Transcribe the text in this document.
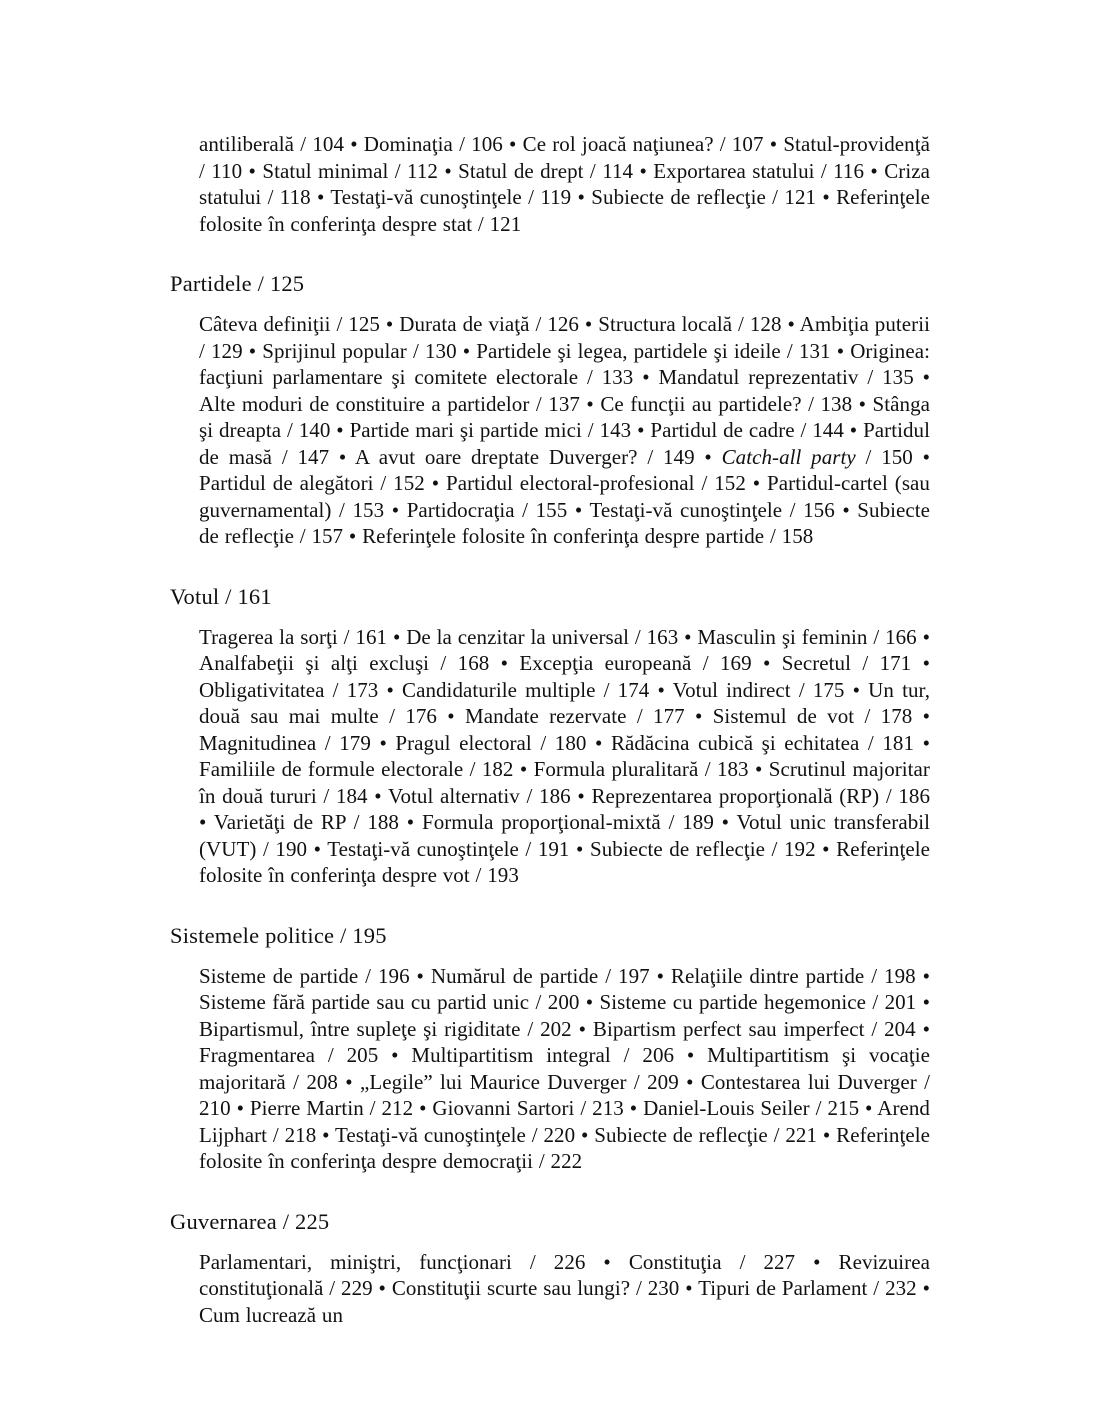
antiliberală / 104 • Dominaţia / 106 • Ce rol joacă naţiunea? / 107 • Statul-providenţă / 110 • Statul minimal / 112 • Statul de drept / 114 • Exportarea statului / 116 • Criza statului / 118 • Testaţi-vă cunoştinţele / 119 • Subiecte de reflecţie / 121 • Referinţele folosite în conferinţa despre stat / 121

Partidele / 125

Câteva definiţii / 125 • Durata de viaţă / 126 • Structura locală / 128 • Ambiţia puterii / 129 • Sprijinul popular / 130 • Partidele şi legea, partidele şi ideile / 131 • Originea: facţiuni parlamentare şi comitete electorale / 133 • Mandatul reprezentativ / 135 • Alte moduri de constituire a partidelor / 137 • Ce funcţii au partidele? / 138 • Stânga şi dreapta / 140 • Partide mari şi partide mici / 143 • Partidul de cadre / 144 • Partidul de masă / 147 • A avut oare dreptate Duverger? / 149 • Catch-all party / 150 • Partidul de alegători / 152 • Partidul electoral-profesional / 152 • Partidul-cartel (sau guvernamental) / 153 • Partidocraţia / 155 • Testaţi-vă cunoştinţele / 156 • Subiecte de reflecţie / 157 • Referinţele folosite în conferinţa despre partide / 158

Votul / 161

Tragerea la sorţi / 161 • De la cenzitar la universal / 163 • Masculin şi feminin / 166 • Analfabeţii şi alţi excluşi / 168 • Excepţia europeană / 169 • Secretul / 171 • Obligativitatea / 173 • Candidaturile multiple / 174 • Votul indirect / 175 • Un tur, două sau mai multe / 176 • Mandate rezervate / 177 • Sistemul de vot / 178 • Magnitudinea / 179 • Pragul electoral / 180 • Rădăcina cubică şi echitatea / 181 • Familiile de formule electorale / 182 • Formula pluralitară / 183 • Scrutinul majoritar în două tururi / 184 • Votul alternativ / 186 • Reprezentarea proporţională (RP) / 186 • Varietăţi de RP / 188 • Formula proporţional-mixtă / 189 • Votul unic transferabil (VUT) / 190 • Testaţi-vă cunoştinţele / 191 • Subiecte de reflecţie / 192 • Referinţele folosite în conferinţa despre vot / 193

Sistemele politice / 195

Sisteme de partide / 196 • Numărul de partide / 197 • Relaţiile dintre partide / 198 • Sisteme fără partide sau cu partid unic / 200 • Sisteme cu partide hegemonice / 201 • Bipartismul, între supleţe şi rigiditate / 202 • Bipartism perfect sau imperfect / 204 • Fragmentarea / 205 • Multipartitism integral / 206 • Multipartitism şi vocaţie majoritară / 208 • „Legile” lui Maurice Duverger / 209 • Contestarea lui Duverger / 210 • Pierre Martin / 212 • Giovanni Sartori / 213 • Daniel-Louis Seiler / 215 • Arend Lijphart / 218 • Testaţi-vă cunoştinţele / 220 • Subiecte de reflecţie / 221 • Referinţele folosite în conferinţa despre democraţii / 222

Guvernarea / 225

Parlamentari, miniştri, funcţionari / 226 • Constituţia / 227 • Revizuirea constituţională / 229 • Constituţii scurte sau lungi? / 230 • Tipuri de Parlament / 232 • Cum lucrează un
